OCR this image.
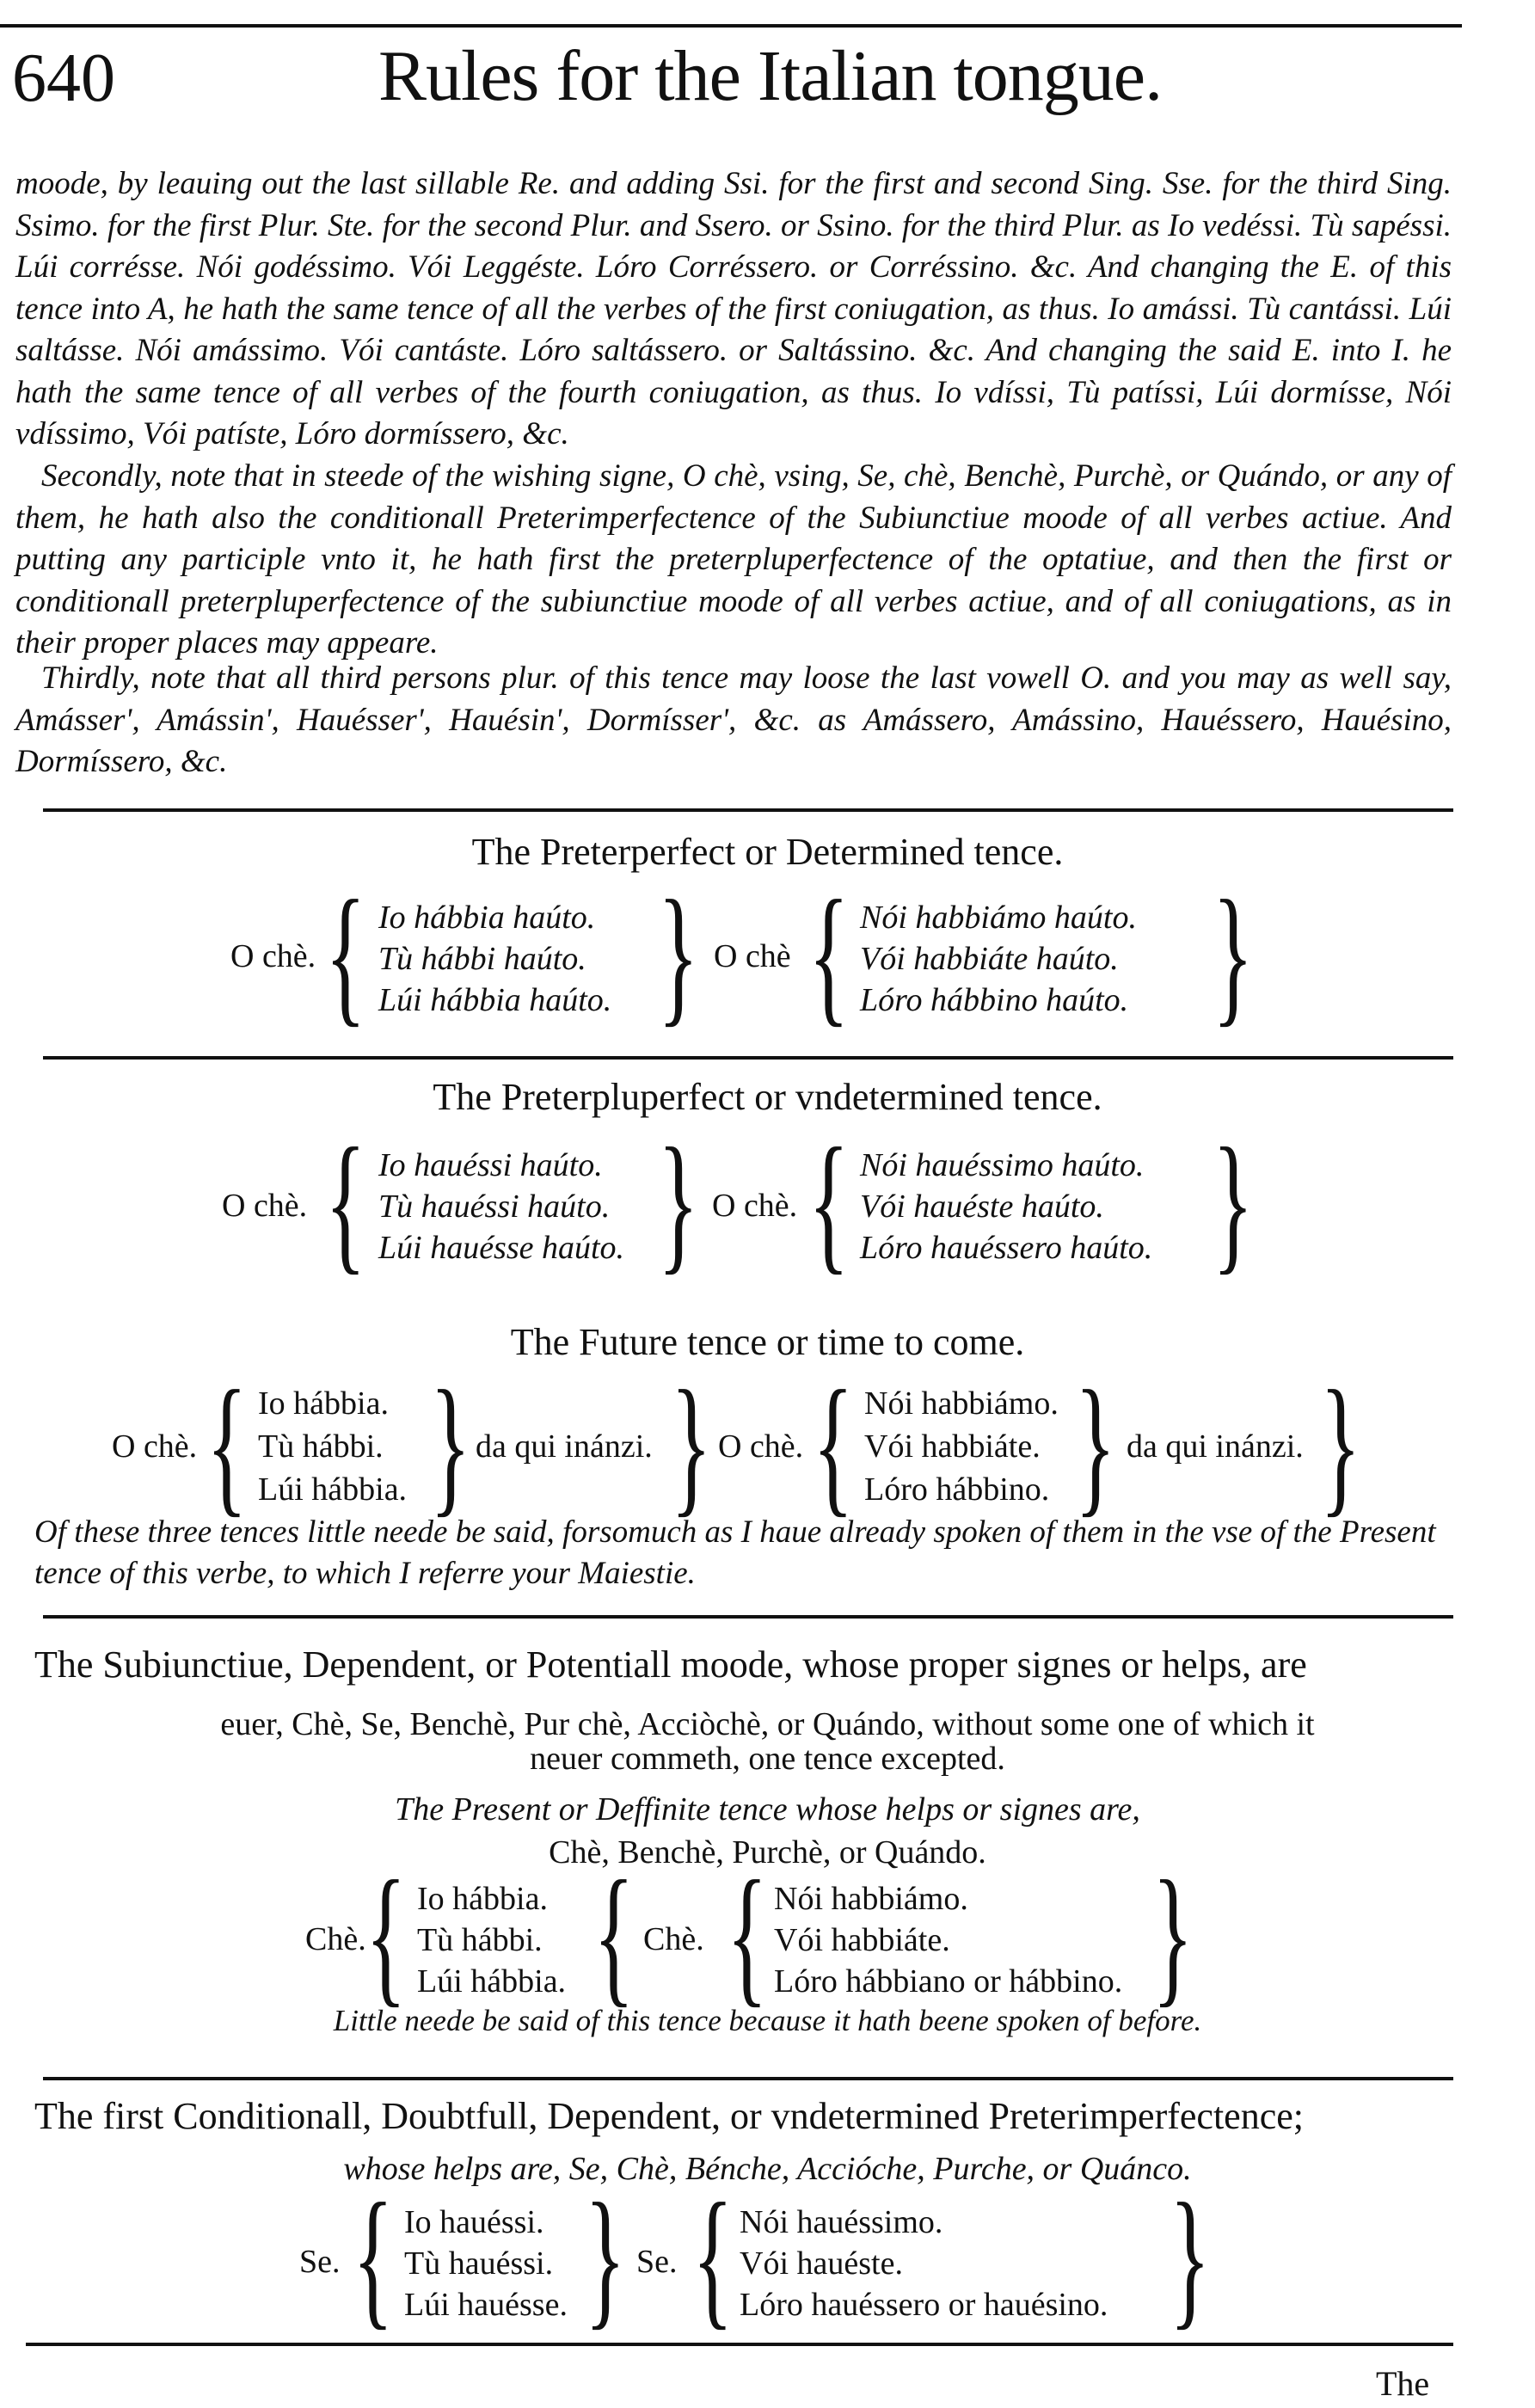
640	Rules for the Italian tongue.
moode, by leauing out the last sillable Re. and adding Ssi. for the first and second Sing. Sse. for the third Sing. Ssimo. for the first Plur. Ste. for the second Plur. and Ssero. or Ssino. for the third Plur. as Io vedéssi. Tù sapéssi. Lúi corrésse. Nói godéssimo. Vói Leggéste. Lóro Corréssero. or Corréssino. &c. And changing the E. of this tence into A, he hath the same tence of all the verbes of the first coniugation, as thus. Io amássi. Tù cantássi. Lúi saltásse. Nói amássimo. Vói cantáste. Lóro saltássero. or Saltássino. &c. And changing the said E. into I. he hath the same tence of all verbes of the fourth coniugation, as thus. Io vdíssi, Tù patíssi, Lúi dormísse, Nói vdíssimo, Vói patíste, Lóro dormíssero, &c.
Secondly, note that in steede of the wishing signe, O chè, vsing, Se, chè, Benchè, Purchè, or Quándo, or any of them, he hath also the conditionall Preterimperfectence of the Subiunctiue moode of all verbes actiue. And putting any participle vnto it, he hath first the preterpluperfectence of the optatiue, and then the first or conditionall preterpluperfectence of the subiunctiue moode of all verbes actiue, and of all coniugations, as in their proper places may appeare.
Thirdly, note that all third persons plur. of this tence may loose the last vowell O. and you may as well say, Amásser', Amássin', Hauésser', Hauésin', Dormísser', &c. as Amássero, Amássino, Hauéssero, Hauésino, Dormíssero, &c.
The Preterperfect or Determined tence.
O chè. { Io hábbia haúto.
Tù hábbi haúto.
Lúi hábbia haúto. } O chè { Nói habbiámo haúto.
Vói habbiáte haúto.
Lóro hábbino haúto. }
The Preterpluperfect or vndetermined tence.
O chè. { Io hauéssi haúto.
Tù hauéssi haúto.
Lúi hauésse haúto. } O chè. { Nói hauéssimo haúto.
Vói hauéste haúto.
Lóro hauéssero haúto. }
The Future tence or time to come.
O chè. { Io hábbia.
Tù hábbi.
Lúi hábbia. } da qui inánzi. } O chè. { Nói habbiámo.
Vói habbiáte.
Lóro hábbino. } da qui inánzi. }
Of these three tences little neede be said, forsomuch as I haue already spoken of them in the vse of the Present tence of this verbe, to which I referre your Maiestie.
The Subiunctiue, Dependent, or Potentiall moode, whose proper signes or helps, are
euer, Chè, Se, Benchè, Pur chè, Acciòchè, or Quándo, without some one of which it
neuer commeth, one tence excepted.
The Present or Deffinite tence whose helps or signes are,
Chè, Benchè, Purchè, or Quándo.
Chè. { Io hábbia.
Tù hábbi.
Lúi hábbia. { Chè. { Nói habbiámo.
Vói habbiáte.
Lóro hábbiano or hábbino. }
Little neede be said of this tence because it hath beene spoken of before.
The first Conditionall, Doubtfull, Dependent, or vndetermined Preterimperfectence;
whose helps are, Se, Chè, Bénche, Accióche, Purche, or Quánco.
Se. { Io hauéssi.
Tù hauéssi.
Lúi hauésse. } Se. { Nói hauéssimo.
Vói hauéste.
Lóro hauéssero or hauésino. }
The
